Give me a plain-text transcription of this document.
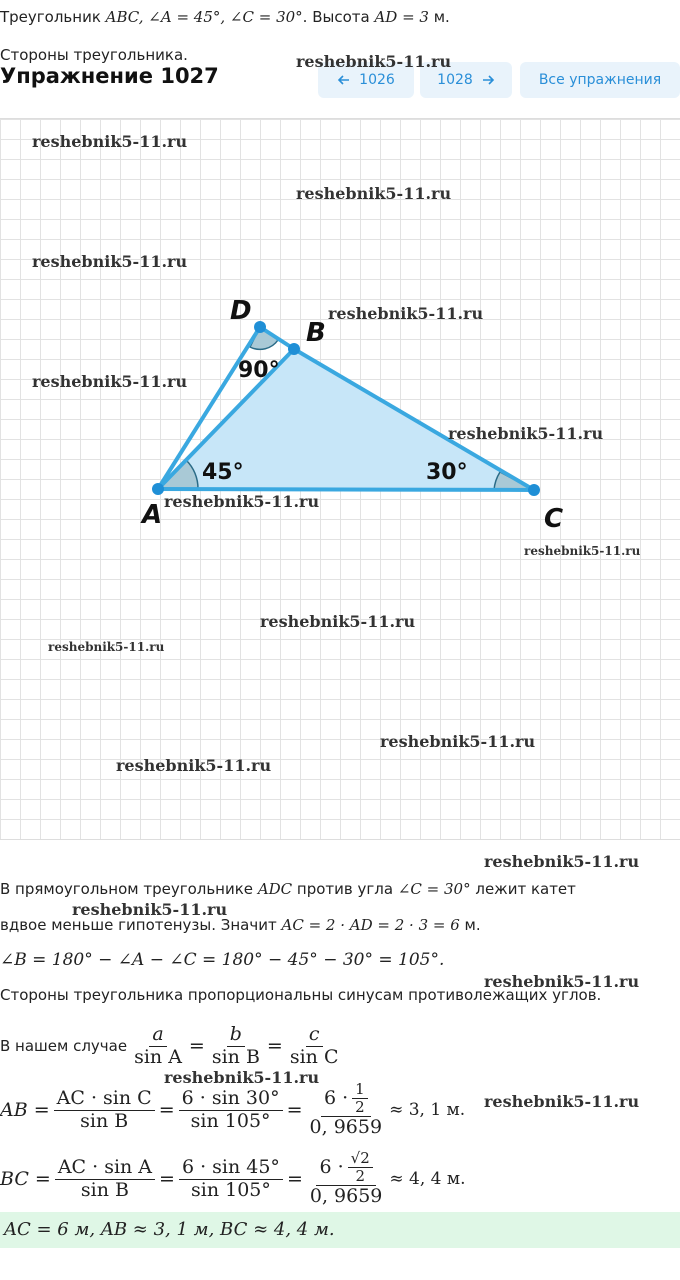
Треугольник ABC, ∠A = 45°, ∠C = 30°. Высота AD = 3 м.
Стороны треугольника.
Упражнение 1027	1026	1028	Все упражнения
A
B
C
D
45°	30°
90°
В прямоугольном треугольнике ADC против угла ∠C = 30° лежит катет
вдвое меньше гипотенузы. Значит AC = 2 · AD = 2 · 3 = 6 м.
∠B = 180° − ∠A − ∠C = 180° − 45° − 30° = 105°.
Стороны треугольника пропорциональны синусам противолежащих углов.
В нашем случае $\frac{a}{\text{sin A}} = \frac{b}{\text{sin B}} = \frac{c}{\text{sin C}}$
AB = $\frac{\text{AC · sin C}}{\text{sin B}} = \frac{6 \cdot \sin 30^\circ}{\sin 105^\circ} = \frac{6 \cdot \frac{1}{2}}{0, 9659} \approx 3$, 1 м.
BC = $\frac{\text{AC · sin A}}{\text{sin B}} = \frac{6 \cdot \sin 45^\circ}{\sin 105^\circ} = \frac{6 \cdot \frac{√2}{2}}{0, 9659} \approx 4$, 4 м.
AC = 6 м, AB ≈ 3, 1 м, BC ≈ 4, 4 м.
reshebnik5-11.ru
reshebnik5-11.ru
reshebnik5-11.ru
reshebnik5-11.ru
reshebnik5-11.ru
reshebnik5-11.ru
reshebnik5-11.ru
reshebnik5-11.ru
reshebnik5-11.ru
reshebnik5-11.ru
reshebnik5-11.ru
reshebnik5-11.ru
reshebnik5-11.ru
reshebnik5-11.ru
reshebnik5-11.ru
reshebnik5-11.ru
reshebnik5-11.ru
reshebnik5-11.ru
